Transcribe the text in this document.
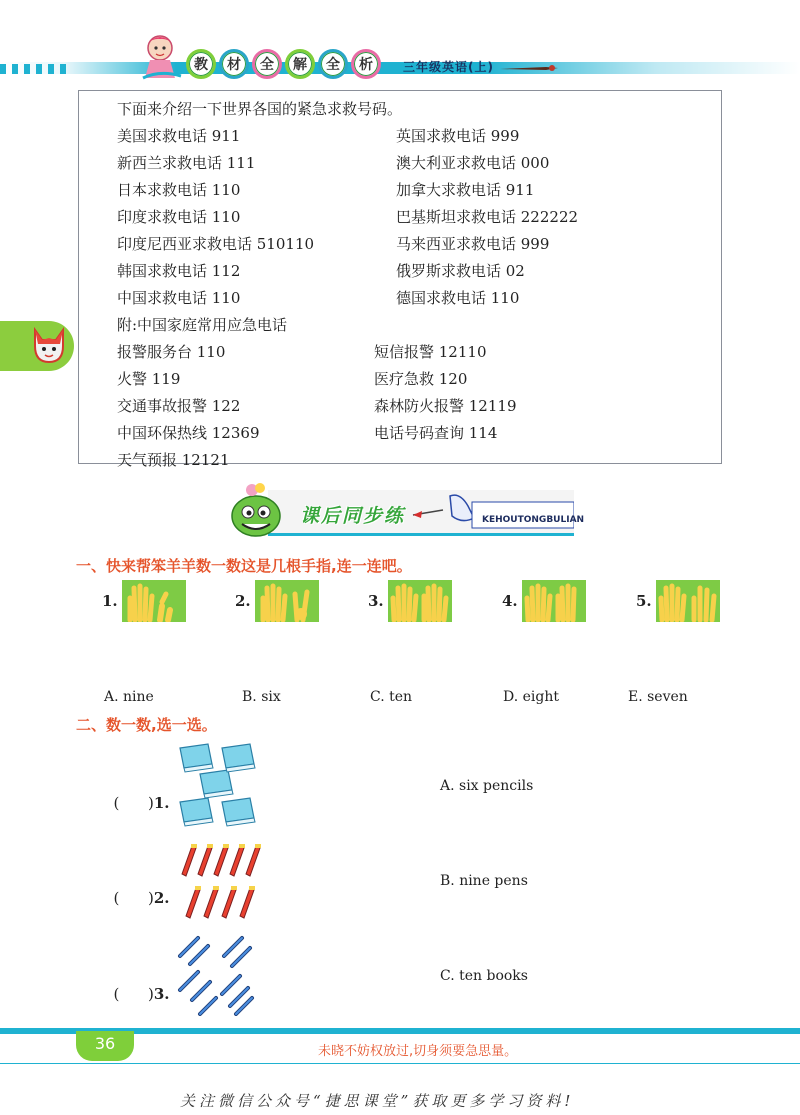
教	材	全	解	全	析	三年级英语(上)
下面来介绍一下世界各国的紧急求救号码。
美国求救电话 911	英国求救电话 999
新西兰求救电话 111	澳大利亚求救电话 000
日本求救电话 110	加拿大求救电话 911
印度求救电话 110	巴基斯坦求救电话 222222
印度尼西亚求救电话 510110	马来西亚求救电话 999
韩国求救电话 112	俄罗斯求救电话 02
中国求救电话 110	德国求救电话 110
附:中国家庭常用应急电话
报警服务台 110	短信报警 12110
火警 119	医疗急救 120
交通事故报警 122	森林防火报警 12119
中国环保热线 12369	电话号码查询 114
天气预报 12121
课后同步练	KEHOUTONGBULIAN
一、快来帮笨羊羊数一数这是几根手指,连一连吧。
1.	2.	3.	4.	5.
A. nine	B. six	C. ten	D. eight	E. seven
二、数一数,选一选。

(      )1.

A. six pencils

(      )2.

B. nine pens

(      )3.

C. ten books
36	未晓不妨权放过,切身须要急思量。
关注微信公众号“捷思课堂”获取更多学习资料!
